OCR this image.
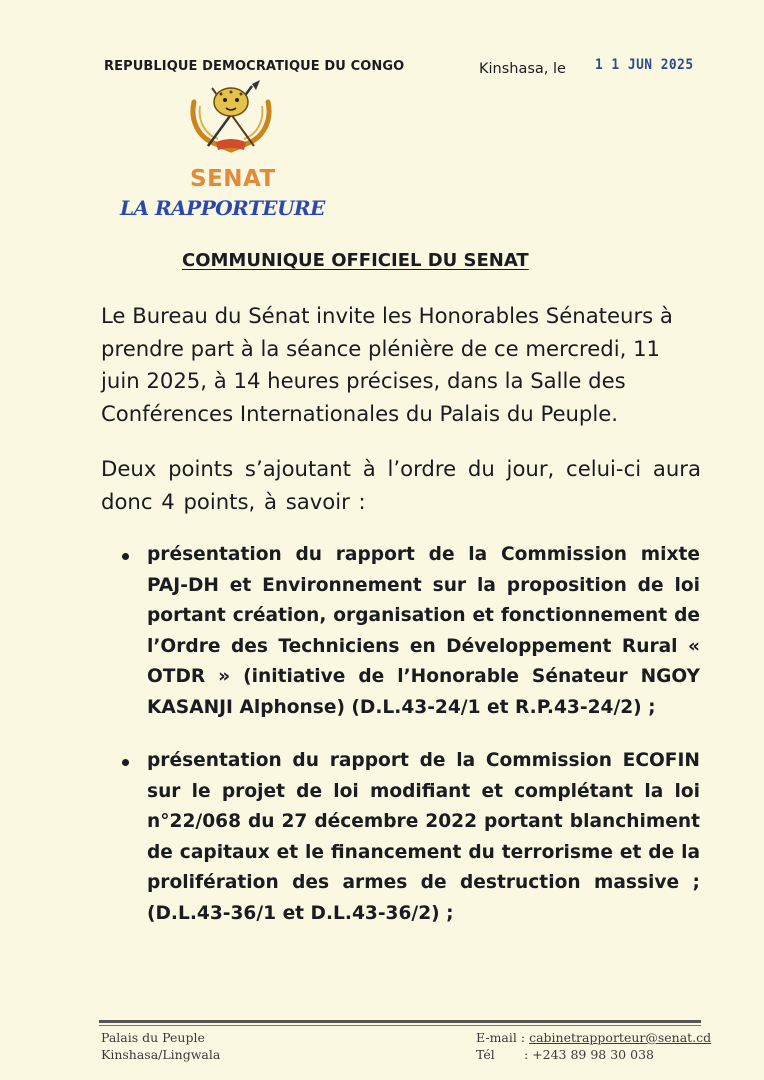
REPUBLIQUE DEMOCRATIQUE DU CONGO	Kinshasa, le 1 1 JUN 2025
SENAT
LA RAPPORTEURE
COMMUNIQUE OFFICIEL DU SENAT
Le Bureau du Sénat invite les Honorables Sénateurs à prendre part à la séance plénière de ce mercredi, 11 juin 2025, à 14 heures précises, dans la Salle des Conférences Internationales du Palais du Peuple.
Deux points s’ajoutant à l’ordre du jour, celui-ci aura donc 4 points, à savoir :
présentation du rapport de la Commission mixte PAJ-DH et Environnement sur la proposition de loi portant création, organisation et fonctionnement de l’Ordre des Techniciens en Développement Rural « OTDR » (initiative de l’Honorable Sénateur NGOY KASANJI Alphonse) (D.L.43-24/1 et R.P.43-24/2) ;
présentation du rapport de la Commission ECOFIN sur le projet de loi modifiant et complétant la loi n°22/068 du 27 décembre 2022 portant blanchiment de capitaux et le financement du terrorisme et de la prolifération des armes de destruction massive ; (D.L.43-36/1 et D.L.43-36/2) ;
Palais du Peuple
Kinshasa/Lingwala
E-mail : cabinetrapporteur@senat.cd
Tél : +243 89 98 30 038
